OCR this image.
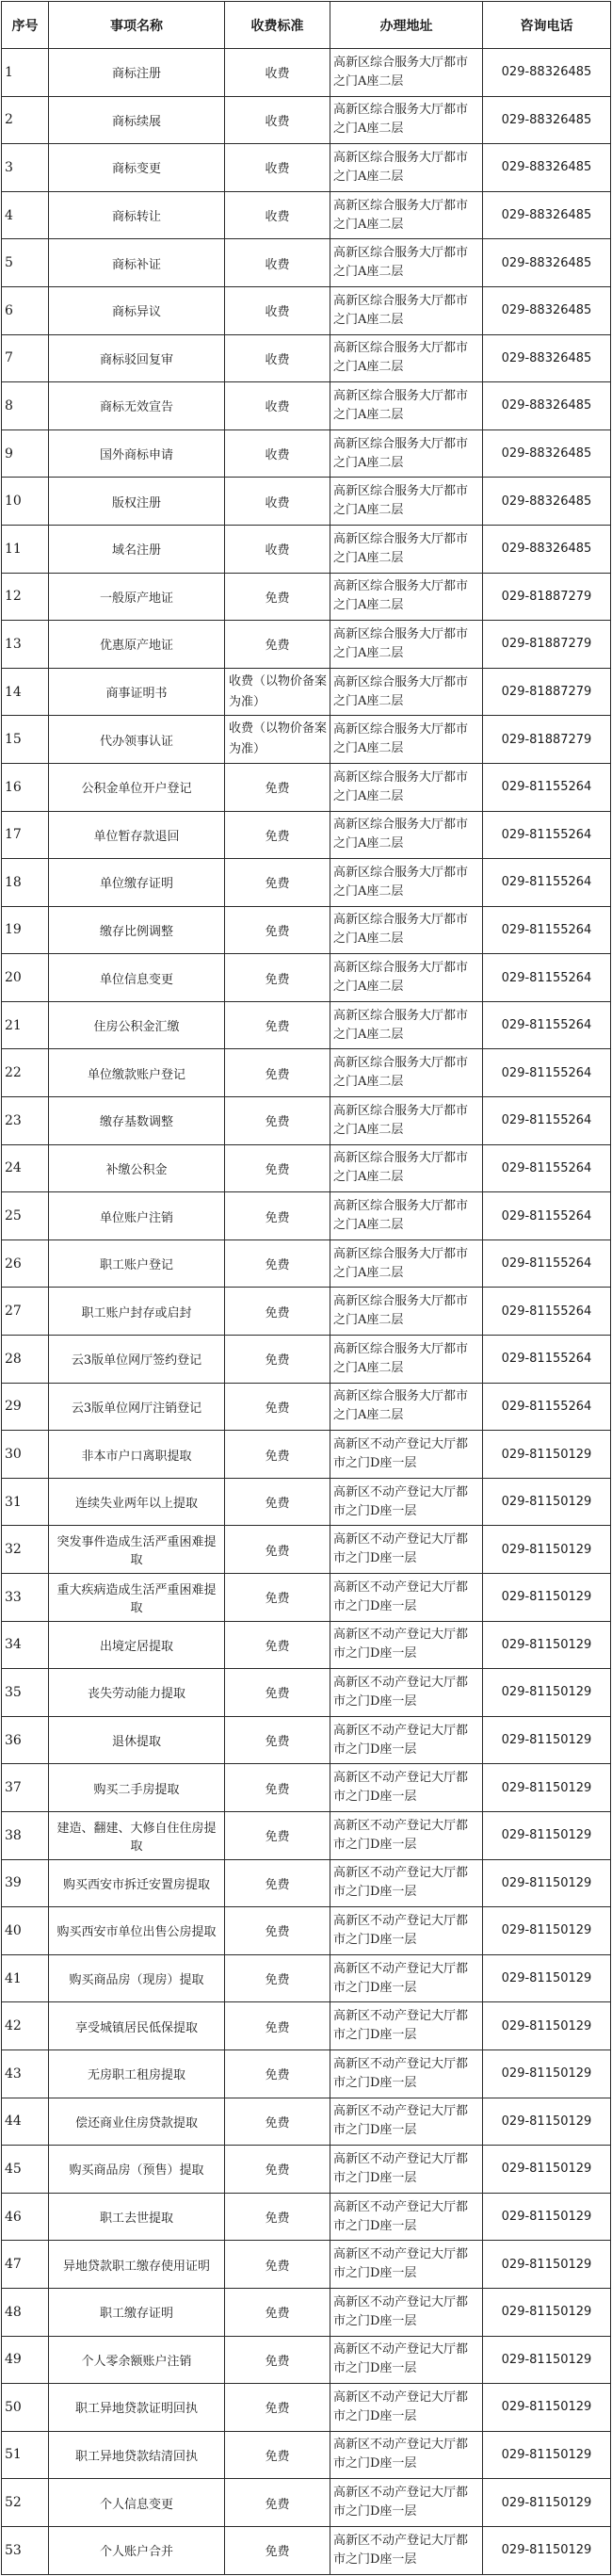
序号	事项名称	收费标准	办理地址	咨询电话
1	商标注册	收费	高新区综合服务大厅都市之门A座二层	029-88326485
2	商标续展	收费	高新区综合服务大厅都市之门A座二层	029-88326485
3	商标变更	收费	高新区综合服务大厅都市之门A座二层	029-88326485
4	商标转让	收费	高新区综合服务大厅都市之门A座二层	029-88326485
5	商标补证	收费	高新区综合服务大厅都市之门A座二层	029-88326485
6	商标异议	收费	高新区综合服务大厅都市之门A座二层	029-88326485
7	商标驳回复审	收费	高新区综合服务大厅都市之门A座二层	029-88326485
8	商标无效宣告	收费	高新区综合服务大厅都市之门A座二层	029-88326485
9	国外商标申请	收费	高新区综合服务大厅都市之门A座二层	029-88326485
10	版权注册	收费	高新区综合服务大厅都市之门A座二层	029-88326485
11	域名注册	收费	高新区综合服务大厅都市之门A座二层	029-88326485
12	一般原产地证	免费	高新区综合服务大厅都市之门A座二层	029-81887279
13	优惠原产地证	免费	高新区综合服务大厅都市之门A座二层	029-81887279
14	商事证明书	收费（以物价备案为准）	高新区综合服务大厅都市之门A座二层	029-81887279
15	代办领事认证	收费（以物价备案为准）	高新区综合服务大厅都市之门A座二层	029-81887279
16	公积金单位开户登记	免费	高新区综合服务大厅都市之门A座二层	029-81155264
17	单位暂存款退回	免费	高新区综合服务大厅都市之门A座二层	029-81155264
18	单位缴存证明	免费	高新区综合服务大厅都市之门A座二层	029-81155264
19	缴存比例调整	免费	高新区综合服务大厅都市之门A座二层	029-81155264
20	单位信息变更	免费	高新区综合服务大厅都市之门A座二层	029-81155264
21	住房公积金汇缴	免费	高新区综合服务大厅都市之门A座二层	029-81155264
22	单位缴款账户登记	免费	高新区综合服务大厅都市之门A座二层	029-81155264
23	缴存基数调整	免费	高新区综合服务大厅都市之门A座二层	029-81155264
24	补缴公积金	免费	高新区综合服务大厅都市之门A座二层	029-81155264
25	单位账户注销	免费	高新区综合服务大厅都市之门A座二层	029-81155264
26	职工账户登记	免费	高新区综合服务大厅都市之门A座二层	029-81155264
27	职工账户封存或启封	免费	高新区综合服务大厅都市之门A座二层	029-81155264
28	云3版单位网厅签约登记	免费	高新区综合服务大厅都市之门A座二层	029-81155264
29	云3版单位网厅注销登记	免费	高新区综合服务大厅都市之门A座二层	029-81155264
30	非本市户口离职提取	免费	高新区不动产登记大厅都市之门D座一层	029-81150129
31	连续失业两年以上提取	免费	高新区不动产登记大厅都市之门D座一层	029-81150129
32	突发事件造成生活严重困难提取	免费	高新区不动产登记大厅都市之门D座一层	029-81150129
33	重大疾病造成生活严重困难提取	免费	高新区不动产登记大厅都市之门D座一层	029-81150129
34	出境定居提取	免费	高新区不动产登记大厅都市之门D座一层	029-81150129
35	丧失劳动能力提取	免费	高新区不动产登记大厅都市之门D座一层	029-81150129
36	退休提取	免费	高新区不动产登记大厅都市之门D座一层	029-81150129
37	购买二手房提取	免费	高新区不动产登记大厅都市之门D座一层	029-81150129
38	建造、翻建、大修自住住房提取	免费	高新区不动产登记大厅都市之门D座一层	029-81150129
39	购买西安市拆迁安置房提取	免费	高新区不动产登记大厅都市之门D座一层	029-81150129
40	购买西安市单位出售公房提取	免费	高新区不动产登记大厅都市之门D座一层	029-81150129
41	购买商品房（现房）提取	免费	高新区不动产登记大厅都市之门D座一层	029-81150129
42	享受城镇居民低保提取	免费	高新区不动产登记大厅都市之门D座一层	029-81150129
43	无房职工租房提取	免费	高新区不动产登记大厅都市之门D座一层	029-81150129
44	偿还商业住房贷款提取	免费	高新区不动产登记大厅都市之门D座一层	029-81150129
45	购买商品房（预售）提取	免费	高新区不动产登记大厅都市之门D座一层	029-81150129
46	职工去世提取	免费	高新区不动产登记大厅都市之门D座一层	029-81150129
47	异地贷款职工缴存使用证明	免费	高新区不动产登记大厅都市之门D座一层	029-81150129
48	职工缴存证明	免费	高新区不动产登记大厅都市之门D座一层	029-81150129
49	个人零余额账户注销	免费	高新区不动产登记大厅都市之门D座一层	029-81150129
50	职工异地贷款证明回执	免费	高新区不动产登记大厅都市之门D座一层	029-81150129
51	职工异地贷款结清回执	免费	高新区不动产登记大厅都市之门D座一层	029-81150129
52	个人信息变更	免费	高新区不动产登记大厅都市之门D座一层	029-81150129
53	个人账户合并	免费	高新区不动产登记大厅都市之门D座一层	029-81150129
